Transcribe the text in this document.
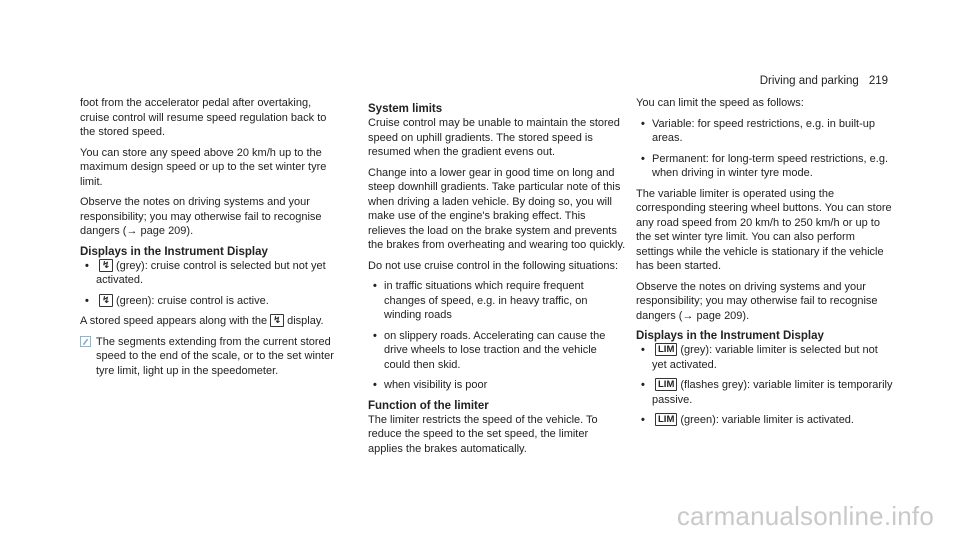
Driving and parking 219

foot from the accelerator pedal after overtaking, cruise control will resume speed regulation back to the stored speed.

You can store any speed above 20 km/h up to the maximum design speed or up to the set winter tyre limit.

Observe the notes on driving systems and your responsibility; you may otherwise fail to recognise dangers (→ page 209).

Displays in the Instrument Display
• ↯ (grey): cruise control is selected but not yet activated.
• ↯ (green): cruise control is active.

A stored speed appears along with the ↯ display.

The segments extending from the current stored speed to the end of the scale, or to the set winter tyre limit, light up in the speedometer.
System limits

Cruise control may be unable to maintain the stored speed on uphill gradients. The stored speed is resumed when the gradient evens out.

Change into a lower gear in good time on long and steep downhill gradients. Take particular note of this when driving a laden vehicle. By doing so, you will make use of the engine's braking effect. This relieves the load on the brake system and prevents the brakes from overheating and wearing too quickly.

Do not use cruise control in the following situations:

• in traffic situations which require frequent changes of speed, e.g. in heavy traffic, on winding roads
• on slippery roads. Accelerating can cause the drive wheels to lose traction and the vehicle could then skid.
• when visibility is poor
Function of the limiter

The limiter restricts the speed of the vehicle. To reduce the speed to the set speed, the limiter applies the brakes automatically.

You can limit the speed as follows:

• Variable: for speed restrictions, e.g. in built-up areas.
• Permanent: for long-term speed restrictions, e.g. when driving in winter tyre mode.

The variable limiter is operated using the corresponding steering wheel buttons. You can store any road speed from 20 km/h to 250 km/h or up to the set winter tyre limit. You can also perform settings while the vehicle is stationary if the vehicle has been started.

Observe the notes on driving systems and your responsibility; you may otherwise fail to recognise dangers (→ page 209).

Displays in the Instrument Display
• LIM (grey): variable limiter is selected but not yet activated.
• LIM (flashes grey): variable limiter is temporarily passive.
• LIM (green): variable limiter is activated.
carmanualsonline.info
